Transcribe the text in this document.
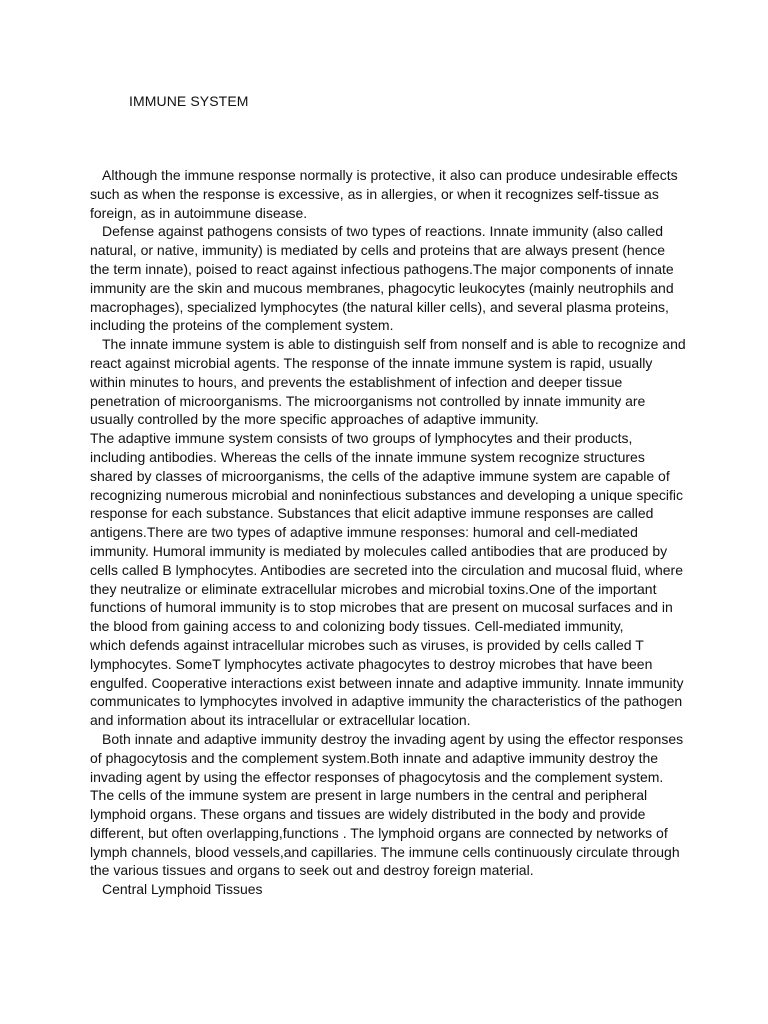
IMMUNE SYSTEM
Although the immune response normally is protective, it also can produce undesirable effects
such as when the response is excessive, as in allergies, or when it recognizes self-tissue as
foreign, as in autoimmune disease.
Defense against pathogens consists of two types of reactions. Innate immunity (also called
natural, or native, immunity) is mediated by cells and proteins that are always present (hence
the term innate), poised to react against infectious pathogens.The major components of innate
immunity are the skin and mucous membranes, phagocytic leukocytes (mainly neutrophils and
macrophages), specialized lymphocytes (the natural killer cells), and several plasma proteins,
including the proteins of the complement system.
The innate immune system is able to distinguish self from nonself and is able to recognize and
react against microbial agents. The response of the innate immune system is rapid, usually
within minutes to hours, and prevents the establishment of infection and deeper tissue
penetration of microorganisms. The microorganisms not controlled by innate immunity are
usually controlled by the more specific approaches of adaptive immunity.
The adaptive immune system consists of two groups of lymphocytes and their products,
including antibodies. Whereas the cells of the innate immune system recognize structures
shared by classes of microorganisms, the cells of the adaptive immune system are capable of
recognizing numerous microbial and noninfectious substances and developing a unique specific
response for each substance. Substances that elicit adaptive immune responses are called
antigens.There are two types of adaptive immune responses: humoral and cell-mediated
immunity. Humoral immunity is mediated by molecules called antibodies that are produced by
cells called B lymphocytes. Antibodies are secreted into the circulation and mucosal fluid, where
they neutralize or eliminate extracellular microbes and microbial toxins.One of the important
functions of humoral immunity is to stop microbes that are present on mucosal surfaces and in
the blood from gaining access to and colonizing body tissues. Cell-mediated immunity,
which defends against intracellular microbes such as viruses, is provided by cells called T
lymphocytes. SomeT lymphocytes activate phagocytes to destroy microbes that have been
engulfed. Cooperative interactions exist between innate and adaptive immunity. Innate immunity
communicates to lymphocytes involved in adaptive immunity the characteristics of the pathogen
and information about its intracellular or extracellular location.
Both innate and adaptive immunity destroy the invading agent by using the effector responses
of phagocytosis and the complement system.Both innate and adaptive immunity destroy the
invading agent by using the effector responses of phagocytosis and the complement system.
The cells of the immune system are present in large numbers in the central and peripheral
lymphoid organs. These organs and tissues are widely distributed in the body and provide
different, but often overlapping,functions . The lymphoid organs are connected by networks of
lymph channels, blood vessels,and capillaries. The immune cells continuously circulate through
the various tissues and organs to seek out and destroy foreign material.
Central Lymphoid Tissues
